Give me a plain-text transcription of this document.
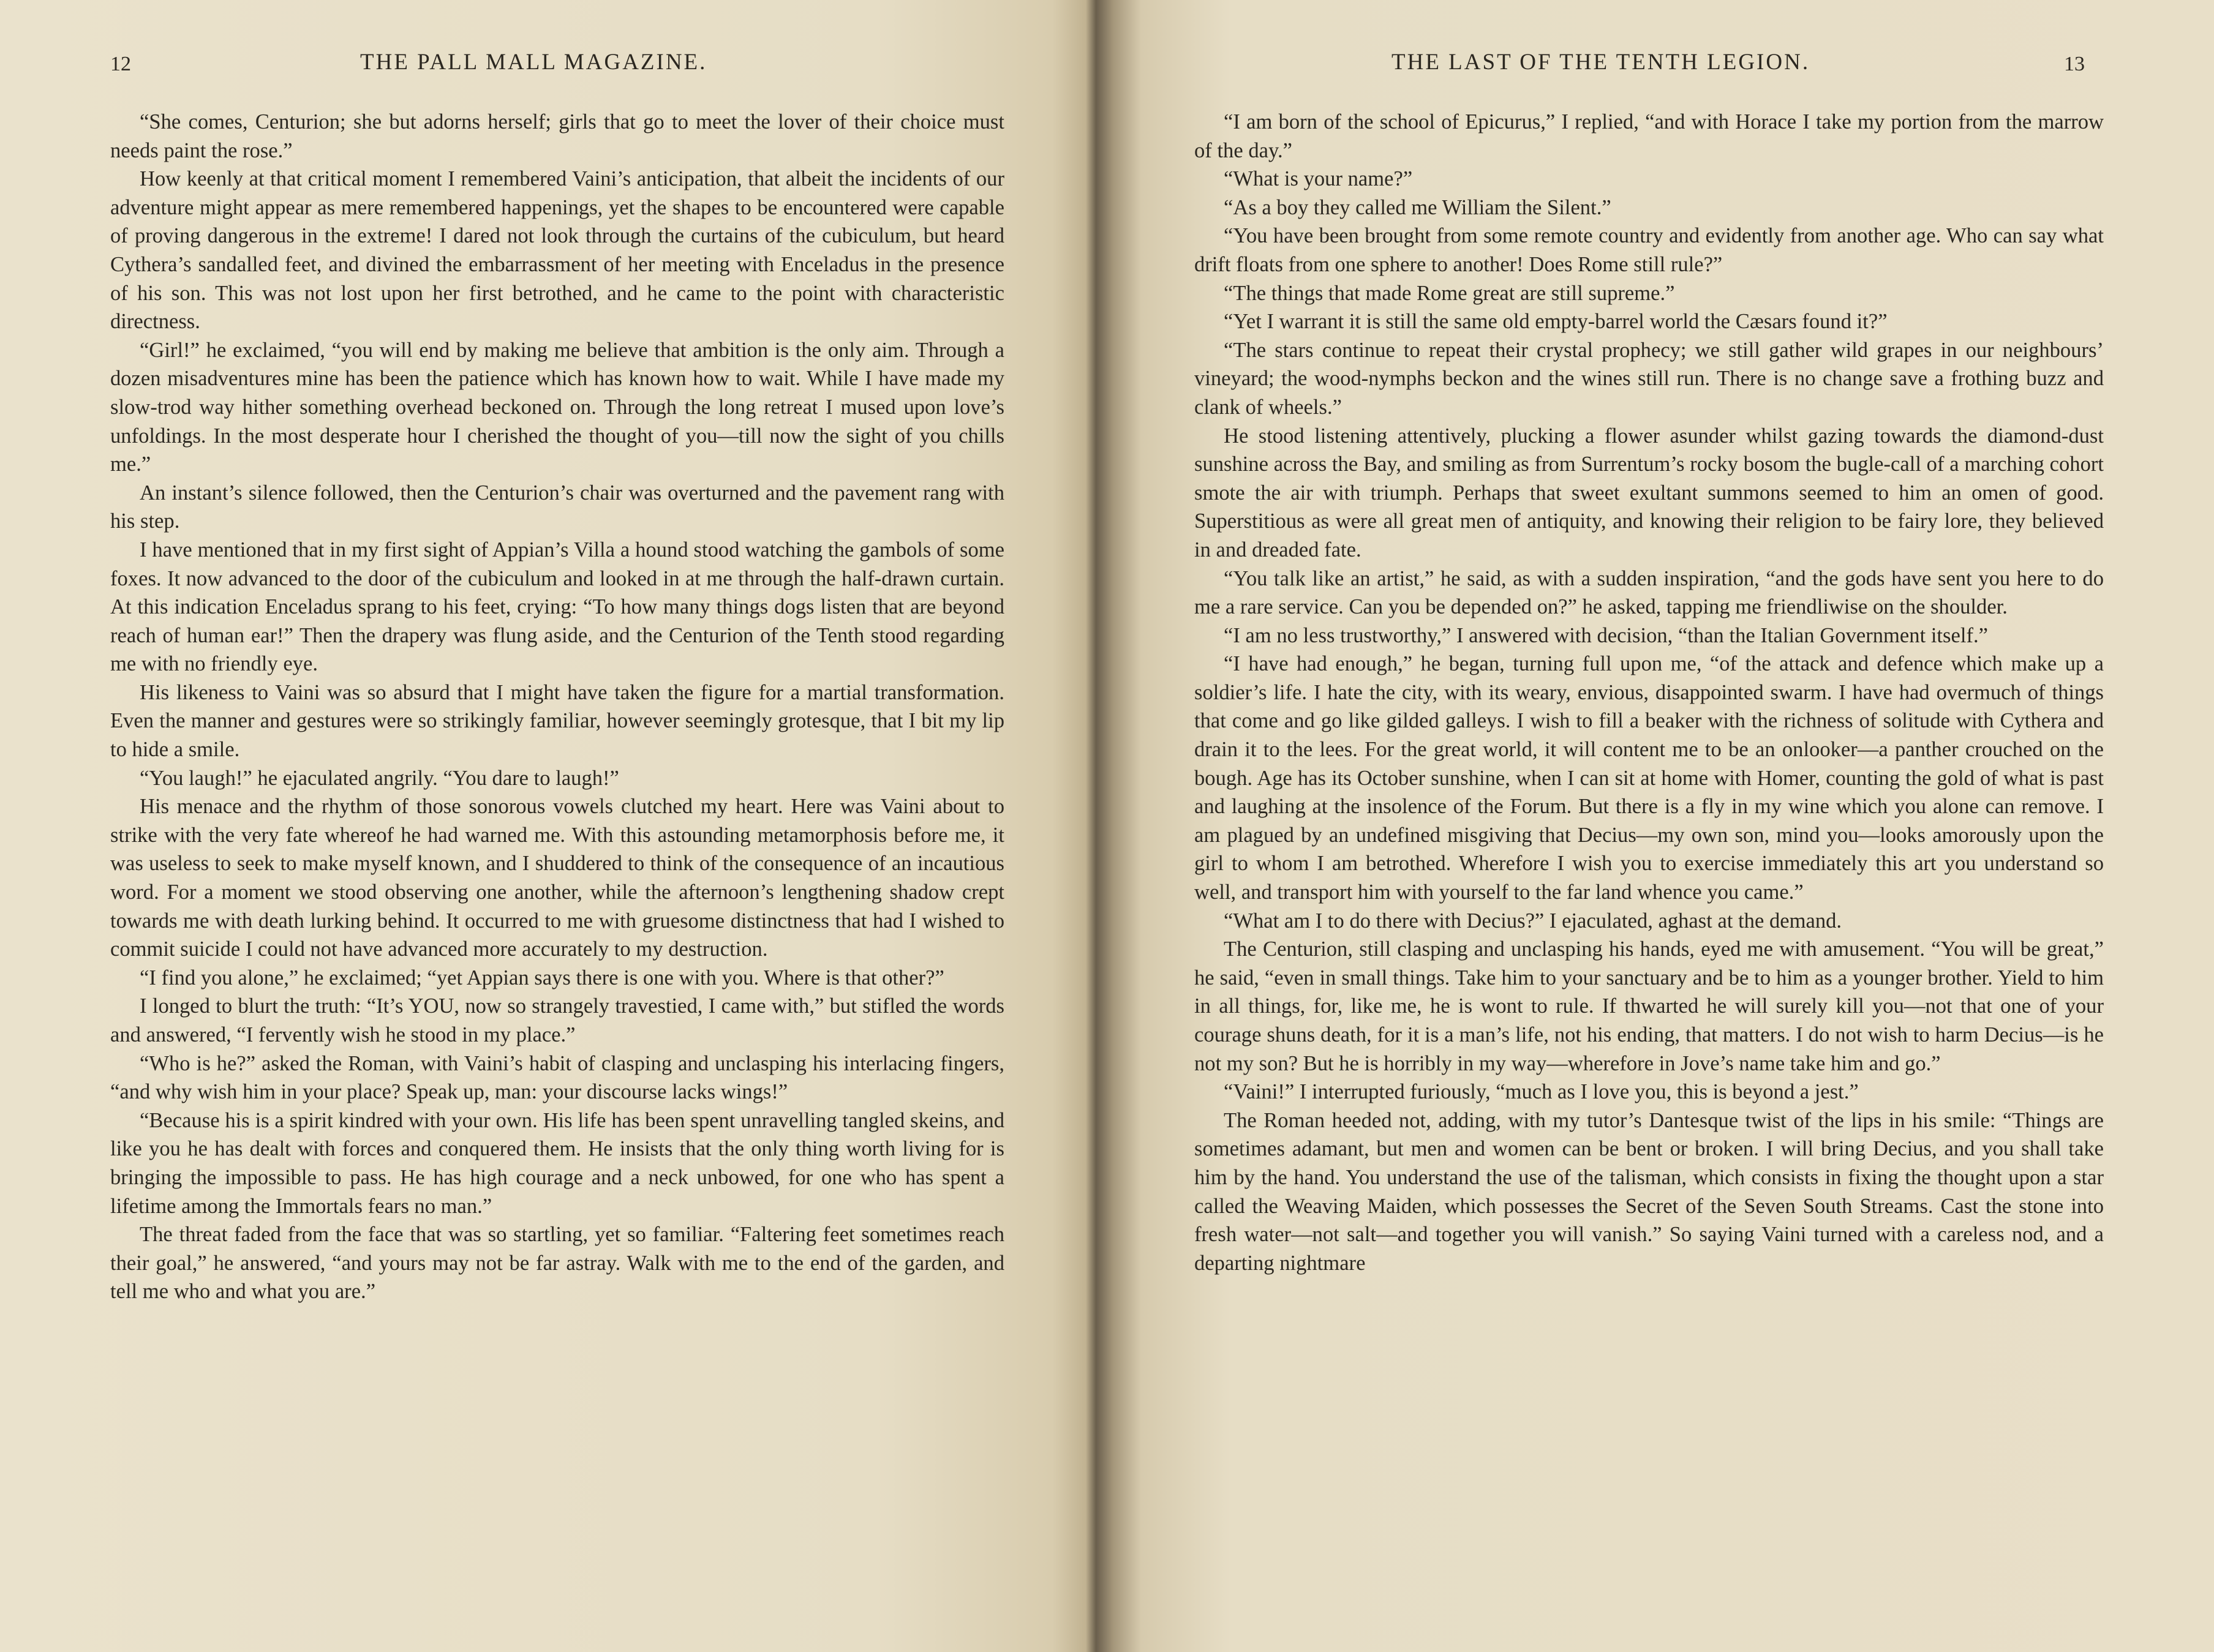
12	THE PALL MALL MAGAZINE.

“She comes, Centurion; she but adorns herself; girls that go to meet the lover of their choice must needs paint the rose.”

How keenly at that critical moment I remembered Vaini’s anticipation, that albeit the incidents of our adventure might appear as mere remembered happenings, yet the shapes to be encountered were capable of proving dangerous in the extreme! I dared not look through the curtains of the cubiculum, but heard Cythera’s sandalled feet, and divined the embarrassment of her meeting with Enceladus in the presence of his son. This was not lost upon her first betrothed, and he came to the point with characteristic directness.

“Girl!” he exclaimed, “you will end by making me believe that ambition is the only aim. Through a dozen misadventures mine has been the patience which has known how to wait. While I have made my slow-trod way hither something overhead beckoned on. Through the long retreat I mused upon love’s unfoldings. In the most desperate hour I cherished the thought of you—till now the sight of you chills me.”

An instant’s silence followed, then the Centurion’s chair was overturned and the pavement rang with his step.

I have mentioned that in my first sight of Appian’s Villa a hound stood watching the gambols of some foxes. It now advanced to the door of the cubiculum and looked in at me through the half-drawn curtain. At this indication Enceladus sprang to his feet, crying: “To how many things dogs listen that are beyond reach of human ear!” Then the drapery was flung aside, and the Centurion of the Tenth stood regarding me with no friendly eye.

His likeness to Vaini was so absurd that I might have taken the figure for a martial transformation. Even the manner and gestures were so strikingly familiar, however seemingly grotesque, that I bit my lip to hide a smile.

“You laugh!” he ejaculated angrily. “You dare to laugh!”

His menace and the rhythm of those sonorous vowels clutched my heart. Here was Vaini about to strike with the very fate whereof he had warned me. With this astounding metamorphosis before me, it was useless to seek to make myself known, and I shuddered to think of the consequence of an incautious word. For a moment we stood observing one another, while the afternoon’s lengthening shadow crept towards me with death lurking behind. It occurred to me with gruesome distinctness that had I wished to commit suicide I could not have advanced more accurately to my destruction.

“I find you alone,” he exclaimed; “yet Appian says there is one with you. Where is that other?”

I longed to blurt the truth: “It’s YOU, now so strangely travestied, I came with,” but stifled the words and answered, “I fervently wish he stood in my place.”

“Who is he?” asked the Roman, with Vaini’s habit of clasping and unclasping his interlacing fingers, “and why wish him in your place? Speak up, man: your discourse lacks wings!”

“Because his is a spirit kindred with your own. His life has been spent unravelling tangled skeins, and like you he has dealt with forces and conquered them. He insists that the only thing worth living for is bringing the impossible to pass. He has high courage and a neck unbowed, for one who has spent a lifetime among the Immortals fears no man.”

The threat faded from the face that was so startling, yet so familiar. “Faltering feet sometimes reach their goal,” he answered, “and yours may not be far astray. Walk with me to the end of the garden, and tell me who and what you are.”

THE LAST OF THE TENTH LEGION.	13

“I am born of the school of Epicurus,” I replied, “and with Horace I take my portion from the marrow of the day.”

“What is your name?”

“As a boy they called me William the Silent.”

“You have been brought from some remote country and evidently from another age. Who can say what drift floats from one sphere to another! Does Rome still rule?”

“The things that made Rome great are still supreme.”

“Yet I warrant it is still the same old empty-barrel world the Cæsars found it?”

“The stars continue to repeat their crystal prophecy; we still gather wild grapes in our neighbours’ vineyard; the wood-nymphs beckon and the wines still run. There is no change save a frothing buzz and clank of wheels.”

He stood listening attentively, plucking a flower asunder whilst gazing towards the diamond-dust sunshine across the Bay, and smiling as from Surrentum’s rocky bosom the bugle-call of a marching cohort smote the air with triumph. Perhaps that sweet exultant summons seemed to him an omen of good. Superstitious as were all great men of antiquity, and knowing their religion to be fairy lore, they believed in and dreaded fate.

“You talk like an artist,” he said, as with a sudden inspiration, “and the gods have sent you here to do me a rare service. Can you be depended on?” he asked, tapping me friendliwise on the shoulder.

“I am no less trustworthy,” I answered with decision, “than the Italian Government itself.”

“I have had enough,” he began, turning full upon me, “of the attack and defence which make up a soldier’s life. I hate the city, with its weary, envious, disappointed swarm. I have had overmuch of things that come and go like gilded galleys. I wish to fill a beaker with the richness of solitude with Cythera and drain it to the lees. For the great world, it will content me to be an onlooker—a panther crouched on the bough. Age has its October sunshine, when I can sit at home with Homer, counting the gold of what is past and laughing at the insolence of the Forum. But there is a fly in my wine which you alone can remove. I am plagued by an undefined misgiving that Decius—my own son, mind you—looks amorously upon the girl to whom I am betrothed. Wherefore I wish you to exercise immediately this art you understand so well, and transport him with yourself to the far land whence you came.”

“What am I to do there with Decius?” I ejaculated, aghast at the demand.

The Centurion, still clasping and unclasping his hands, eyed me with amusement. “You will be great,” he said, “even in small things. Take him to your sanctuary and be to him as a younger brother. Yield to him in all things, for, like me, he is wont to rule. If thwarted he will surely kill you—not that one of your courage shuns death, for it is a man’s life, not his ending, that matters. I do not wish to harm Decius—is he not my son? But he is horribly in my way—wherefore in Jove’s name take him and go.”

“Vaini!” I interrupted furiously, “much as I love you, this is beyond a jest.”

The Roman heeded not, adding, with my tutor’s Dantesque twist of the lips in his smile: “Things are sometimes adamant, but men and women can be bent or broken. I will bring Decius, and you shall take him by the hand. You understand the use of the talisman, which consists in fixing the thought upon a star called the Weaving Maiden, which possesses the Secret of the Seven South Streams. Cast the stone into fresh water—not salt—and together you will vanish.” So saying Vaini turned with a careless nod, and a departing nightmare
